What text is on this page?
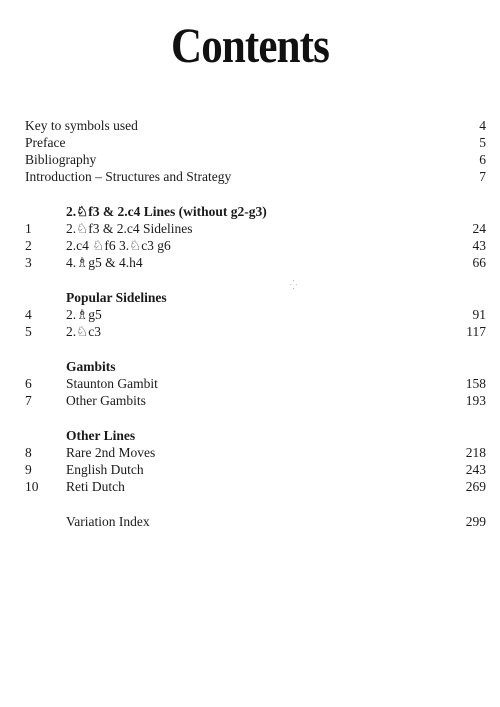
Contents
Key to symbols used	4
Preface	5
Bibliography	6
Introduction – Structures and Strategy	7
2.♘f3 & 2.c4 Lines (without g2-g3)
1	2.♘f3 & 2.c4 Sidelines	24
2	2.c4 ♘f6 3.♘c3 g6	43
3	4.♗g5 & 4.h4	66
⁛
Popular Sidelines
4	2.♗g5	91
5	2.♘c3	117
Gambits
6	Staunton Gambit	158
7	Other Gambits	193
Other Lines
8	Rare 2nd Moves	218
9	English Dutch	243
10 Reti Dutch	269
Variation Index	299
